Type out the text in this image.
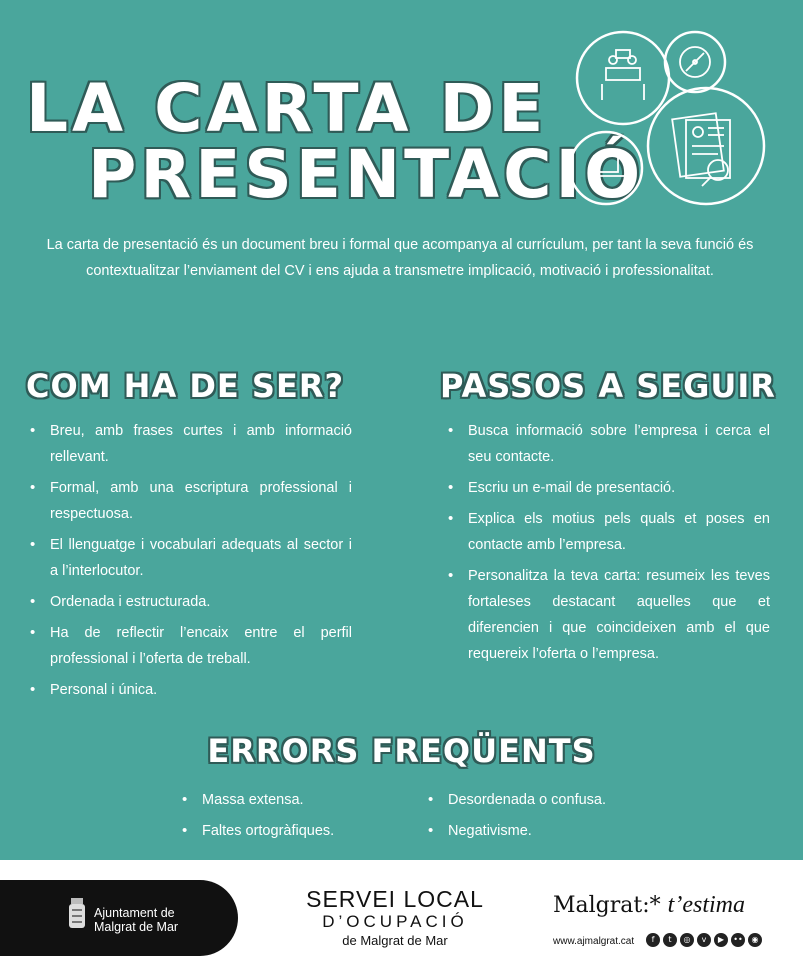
LA CARTA DE
PRESENTACIÓ
La carta de presentació és un document breu i formal que acompanya al currículum, per tant la seva funció és contextualitzar l’enviament del CV i ens ajuda a transmetre implicació, motivació i professionalitat.
COM HA DE SER?
• Breu, amb frases curtes i amb informació rellevant.
• Formal, amb una escriptura professional i respectuosa.
• El llenguatge i vocabulari adequats al sector i a l’interlocutor.
• Ordenada i estructurada.
• Ha de reflectir l’encaix entre el perfil professional i l’oferta de treball.
• Personal i única.
PASSOS A SEGUIR
• Busca informació sobre l’empresa i cerca el seu contacte.
• Escriu un e-mail de presentació.
• Explica els motius pels quals et poses en contacte amb l’empresa.
• Personalitza la teva carta: resumeix les teves fortaleses destacant aquelles que et diferencien i que coincideixen amb el que requereix l’oferta o l’empresa.
ERRORS FREQÜENTS
• Massa extensa.
• Faltes ortogràfiques.
• Desordenada o confusa.
• Negativisme.
Ajuntament de
Malgrat de Mar
SERVEI LOCAL
D’OCUPACIÓ
de Malgrat de Mar
Malgrat:* t’estima
www.ajmalgrat.cat	f	t	◎	v	▶	••	◉
